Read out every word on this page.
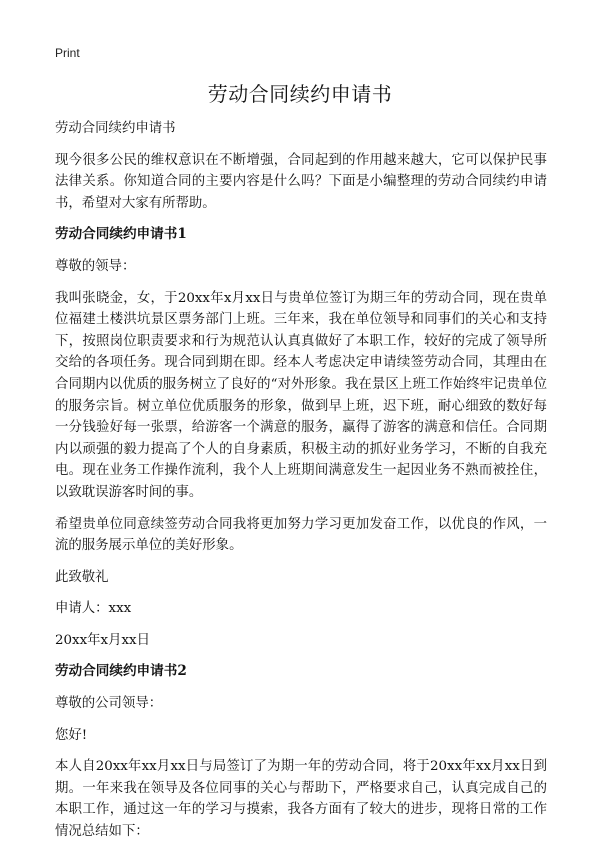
Print
劳动合同续约申请书

劳动合同续约申请书

现今很多公民的维权意识在不断增强，合同起到的作用越来越大，它可以保护民事法律关系。你知道合同的主要内容是什么吗？下面是小编整理的劳动合同续约申请书，希望对大家有所帮助。

劳动合同续约申请书1

尊敬的领导：

我叫张晓金，女，于20xx年x月xx日与贵单位签订为期三年的劳动合同，现在贵单位福建土楼洪坑景区票务部门上班。三年来，我在单位领导和同事们的关心和支持下，按照岗位职责要求和行为规范认认真真做好了本职工作，较好的完成了领导所交给的各项任务。现合同到期在即。经本人考虑决定申请续签劳动合同，其理由在合同期内以优质的服务树立了良好的“对外形象。我在景区上班工作始终牢记贵单位的服务宗旨。树立单位优质服务的形象，做到早上班，迟下班，耐心细致的数好每一分钱验好每一张票，给游客一个满意的服务，赢得了游客的满意和信任。合同期内以顽强的毅力提高了个人的自身素质，积极主动的抓好业务学习，不断的自我充电。现在业务工作操作流利，我个人上班期间满意发生一起因业务不熟而被拴住，以致耽误游客时间的事。

希望贵单位同意续签劳动合同我将更加努力学习更加发奋工作，以优良的作风，一流的服务展示单位的美好形象。

此致敬礼

申请人：xxx

20xx年x月xx日

劳动合同续约申请书2

尊敬的公司领导：

您好!

本人自20xx年xx月xx日与局签订了为期一年的劳动合同，将于20xx年xx月xx日到期。一年来我在领导及各位同事的关心与帮助下，严格要求自己，认真完成自己的本职工作，通过这一年的学习与摸索，我各方面有了较大的进步，现将日常的工作情况总结如下：
